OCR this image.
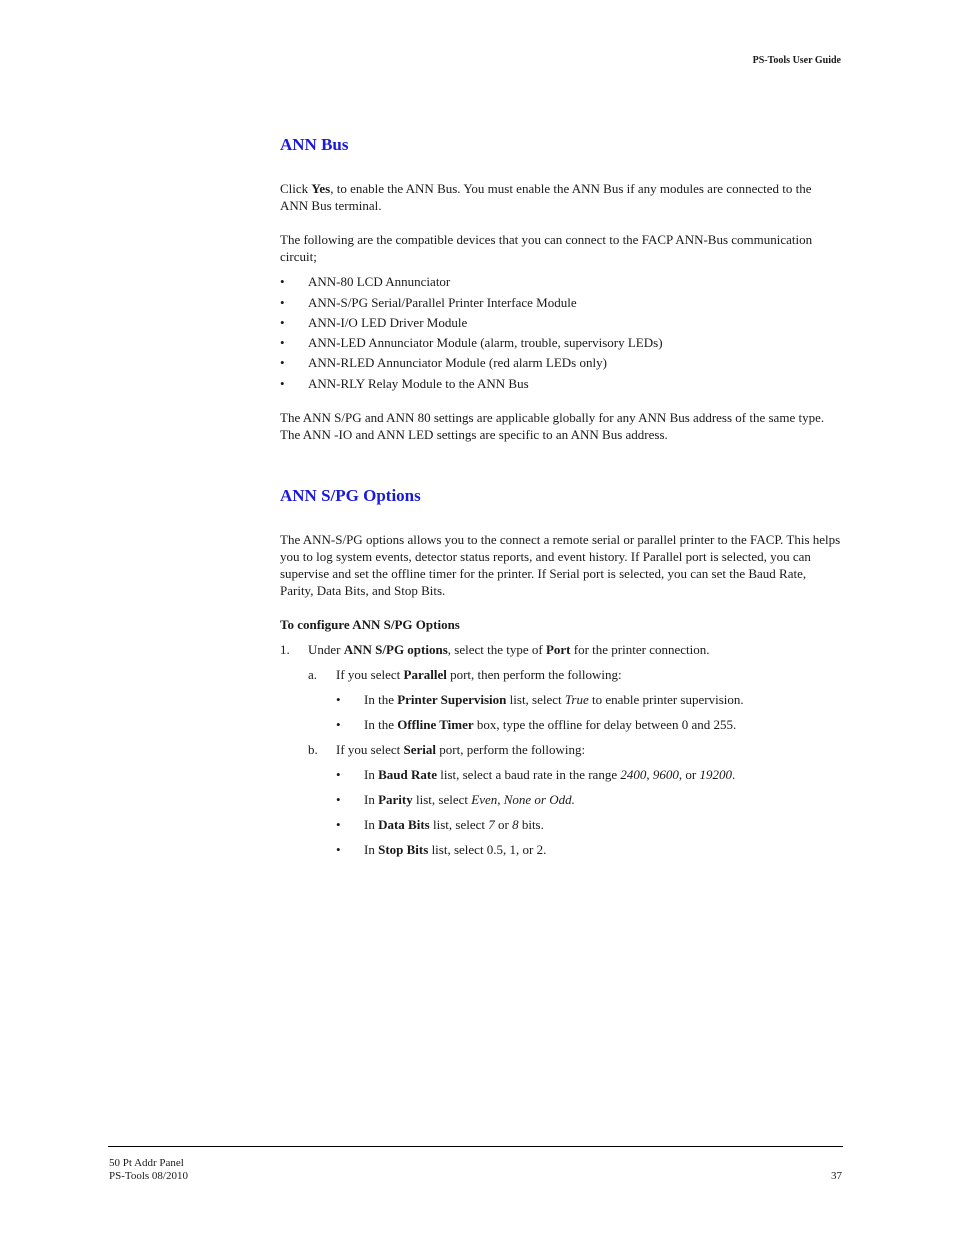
PS-Tools User Guide
ANN Bus

Click Yes, to enable the ANN Bus. You must enable the ANN Bus if any modules are connected to the ANN Bus terminal.

The following are the compatible devices that you can connect to the FACP ANN-Bus communication circuit;

• ANN-80 LCD Annunciator
• ANN-S/PG Serial/Parallel Printer Interface Module
• ANN-I/O LED Driver Module
• ANN-LED Annunciator Module (alarm, trouble, supervisory LEDs)
• ANN-RLED Annunciator Module (red alarm LEDs only)
• ANN-RLY Relay Module to the ANN Bus

The ANN S/PG and ANN 80 settings are applicable globally for any ANN Bus address of the same type. The ANN -IO and ANN LED settings are specific to an ANN Bus address.

ANN S/PG Options

The ANN-S/PG options allows you to the connect a remote serial or parallel printer to the FACP. This helps you to log system events, detector status reports, and event history. If Parallel port is selected, you can supervise and set the offline timer for the printer. If Serial port is selected, you can set the Baud Rate, Parity, Data Bits, and Stop Bits.

To configure ANN S/PG Options

1. Under ANN S/PG options, select the type of Port for the printer connection.
a. If you select Parallel port, then perform the following:
• In the Printer Supervision list, select True to enable printer supervision.
• In the Offline Timer box, type the offline for delay between 0 and 255.
b. If you select Serial port, perform the following:
• In Baud Rate list, select a baud rate in the range 2400, 9600, or 19200.
• In Parity list, select Even, None or Odd.
• In Data Bits list, select 7 or 8 bits.
• In Stop Bits list, select 0.5, 1, or 2.
50 Pt Addr Panel
PS-Tools 08/2010	37
